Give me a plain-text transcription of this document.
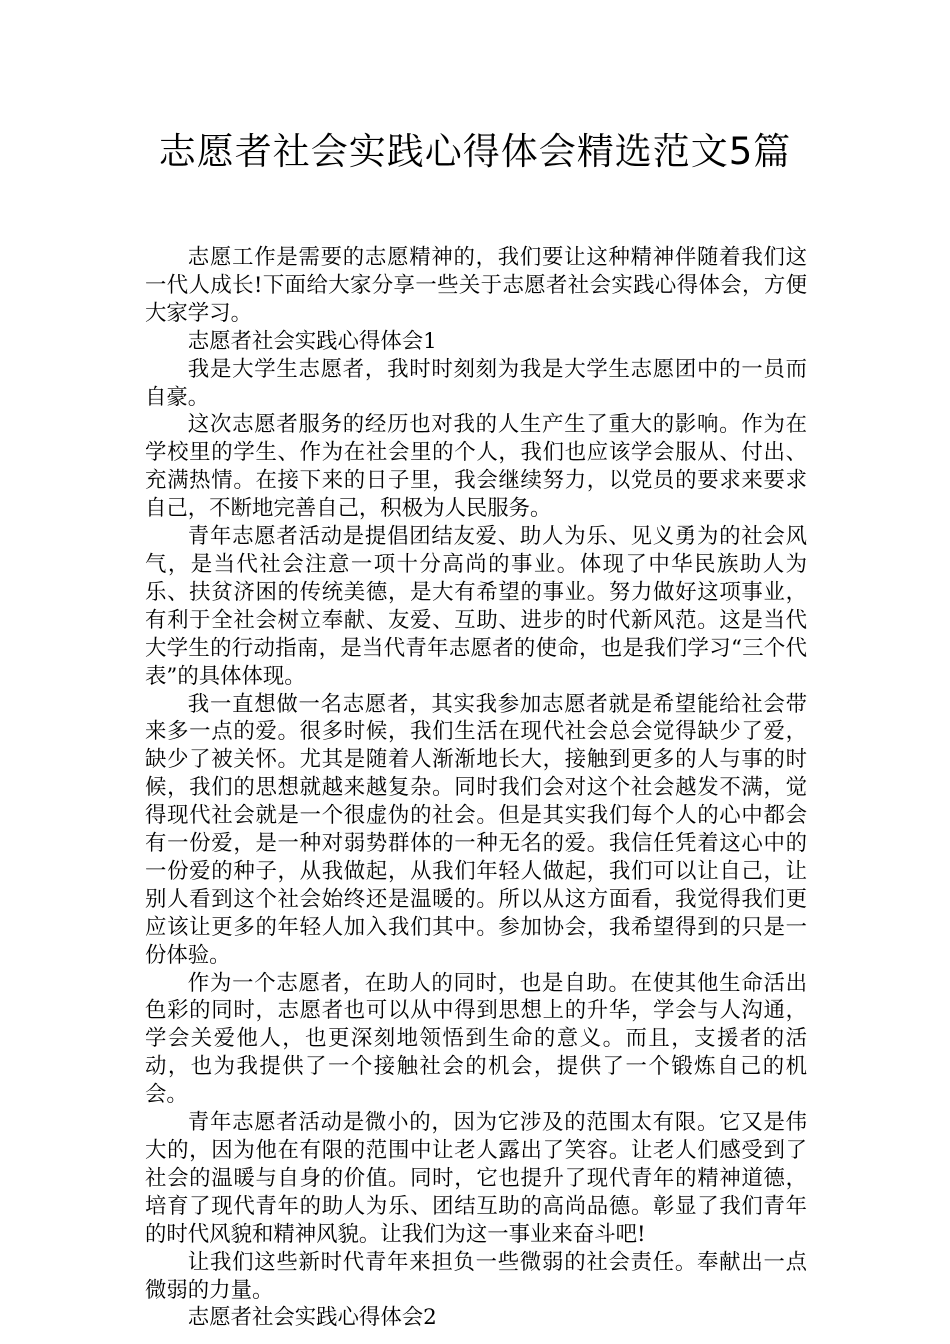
志愿者社会实践心得体会精选范文5篇

志愿工作是需要的志愿精神的，我们要让这种精神伴随着我们这一代人成长!下面给大家分享一些关于志愿者社会实践心得体会，方便大家学习。

志愿者社会实践心得体会1

我是大学生志愿者，我时时刻刻为我是大学生志愿团中的一员而自豪。

这次志愿者服务的经历也对我的人生产生了重大的影响。作为在学校里的学生、作为在社会里的个人，我们也应该学会服从、付出、充满热情。在接下来的日子里，我会继续努力，以党员的要求来要求自己，不断地完善自己，积极为人民服务。

青年志愿者活动是提倡团结友爱、助人为乐、见义勇为的社会风气，是当代社会注意一项十分高尚的事业。体现了中华民族助人为乐、扶贫济困的传统美德，是大有希望的事业。努力做好这项事业，有利于全社会树立奉献、友爱、互助、进步的时代新风范。这是当代大学生的行动指南，是当代青年志愿者的使命，也是我们学习“三个代表”的具体体现。

我一直想做一名志愿者，其实我参加志愿者就是希望能给社会带来多一点的爱。很多时候，我们生活在现代社会总会觉得缺少了爱，缺少了被关怀。尤其是随着人渐渐地长大，接触到更多的人与事的时候，我们的思想就越来越复杂。同时我们会对这个社会越发不满，觉得现代社会就是一个很虚伪的社会。但是其实我们每个人的心中都会有一份爱，是一种对弱势群体的一种无名的爱。我信任凭着这心中的一份爱的种子，从我做起，从我们年轻人做起，我们可以让自己，让别人看到这个社会始终还是温暖的。所以从这方面看，我觉得我们更应该让更多的年轻人加入我们其中。参加协会，我希望得到的只是一份体验。

作为一个志愿者，在助人的同时，也是自助。在使其他生命活出色彩的同时，志愿者也可以从中得到思想上的升华，学会与人沟通，学会关爱他人，也更深刻地领悟到生命的意义。而且，支援者的活动，也为我提供了一个接触社会的机会，提供了一个锻炼自己的机会。

青年志愿者活动是微小的，因为它涉及的范围太有限。它又是伟大的，因为他在有限的范围中让老人露出了笑容。让老人们感受到了社会的温暖与自身的价值。同时，它也提升了现代青年的精神道德，培育了现代青年的助人为乐、团结互助的高尚品德。彰显了我们青年的时代风貌和精神风貌。让我们为这一事业来奋斗吧!

让我们这些新时代青年来担负一些微弱的社会责任。奉献出一点微弱的力量。

志愿者社会实践心得体会2
